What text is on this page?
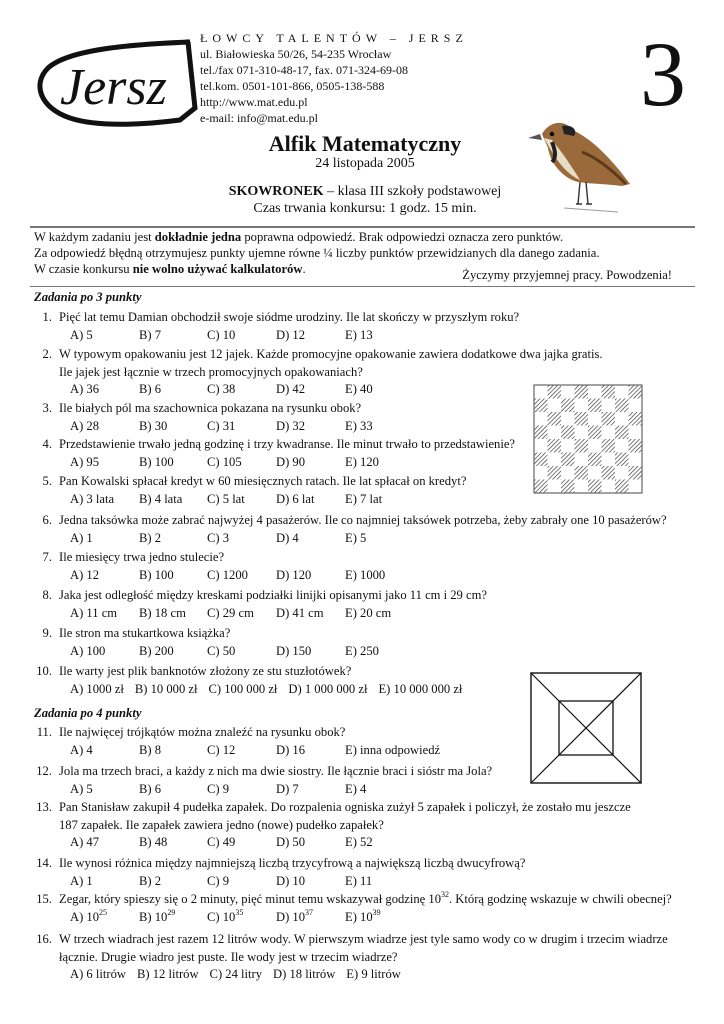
Jersz
ŁOWCY TALENTÓW – JERSZ
ul. Białowieska 50/26, 54-235 Wrocław
tel./fax 071-310-48-17, fax. 071-324-69-08
tel.kom. 0501-101-866, 0505-138-588
http://www.mat.edu.pl
e-mail: info@mat.edu.pl	3
Alfik Matematyczny
24 listopada 2005
SKOWRONEK – klasa III szkoły podstawowej
Czas trwania konkursu: 1 godz. 15 min.
W każdym zadaniu jest dokładnie jedna poprawna odpowiedź. Brak odpowiedzi oznacza zero punktów.
Za odpowiedź błędną otrzymujesz punkty ujemne równe ¼ liczby punktów przewidzianych dla danego zadania.
W czasie konkursu nie wolno używać kalkulatorów.	Życzymy przyjemnej pracy. Powodzenia!
Zadania po 3 punkty
Zadania po 4 punkty
1. Pięć lat temu Damian obchodził swoje siódme urodziny. Ile lat skończy w przyszłym roku?
A) 5	B) 7	C) 10	D) 12	E) 13
2. W typowym opakowaniu jest 12 jajek. Każde promocyjne opakowanie zawiera dodatkowe dwa jajka gratis.
Ile jajek jest łącznie w trzech promocyjnych opakowaniach?
A) 36	B) 6	C) 38	D) 42	E) 40
3. Ile białych pól ma szachownica pokazana na rysunku obok?
A) 28	B) 30	C) 31	D) 32	E) 33
4. Przedstawienie trwało jedną godzinę i trzy kwadranse. Ile minut trwało to przedstawienie?
A) 95	B) 100	C) 105	D) 90	E) 120
5. Pan Kowalski spłacał kredyt w 60 miesięcznych ratach. Ile lat spłacał on kredyt?
A) 3 lata B) 4 lata C) 5 lat D) 6 lat E) 7 lat
6. Jedna taksówka może zabrać najwyżej 4 pasażerów. Ile co najmniej taksówek potrzeba, żeby zabrały one 10 pasażerów?
A) 1	B) 2	C) 3	D) 4	E) 5
7. Ile miesięcy trwa jedno stulecie?
A) 12	B) 100	C) 1200 D) 120	E) 1000
8. Jaka jest odległość między kreskami podziałki linijki opisanymi jako 11 cm i 29 cm?
A) 11 cm B) 18 cm C) 29 cm D) 41 cm E) 20 cm
9. Ile stron ma stukartkowa książka?
A) 100	B) 200	C) 50	D) 150	E) 250
10. Ile warty jest plik banknotów złożony ze stu stuzłotówek?
A) 1000 zł B) 10 000 zł C) 100 000 zł D) 1 000 000 zł E) 10 000 000 zł
11. Ile najwięcej trójkątów można znaleźć na rysunku obok?
A) 4	B) 8	C) 12	D) 16	E) inna odpowiedź
12. Jola ma trzech braci, a każdy z nich ma dwie siostry. Ile łącznie braci i sióstr ma Jola?
A) 5	B) 6	C) 9	D) 7	E) 4
13. Pan Stanisław zakupił 4 pudełka zapałek. Do rozpalenia ogniska zużył 5 zapałek i policzył, że zostało mu jeszcze
187 zapałek. Ile zapałek zawiera jedno (nowe) pudełko zapałek?
A) 47	B) 48	C) 49	D) 50	E) 52
14. Ile wynosi różnica między najmniejszą liczbą trzycyfrową a największą liczbą dwucyfrową?
A) 1	B) 2	C) 9	D) 10	E) 11
15. Zegar, który spieszy się o 2 minuty, pięć minut temu wskazywał godzinę $10^{32}$. Którą godzinę wskazuje w chwili obecnej?
A) $10^{25}$	B) $10^{29}$	C) $10^{35}$	D) $10^{37}$	E) $10^{39}$
16. W trzech wiadrach jest razem 12 litrów wody. W pierwszym wiadrze jest tyle samo wody co w drugim i trzecim wiadrze
łącznie. Drugie wiadro jest puste. Ile wody jest w trzecim wiadrze?
A) 6 litrów B) 12 litrów C) 24 litry D) 18 litrów E) 9 litrów
